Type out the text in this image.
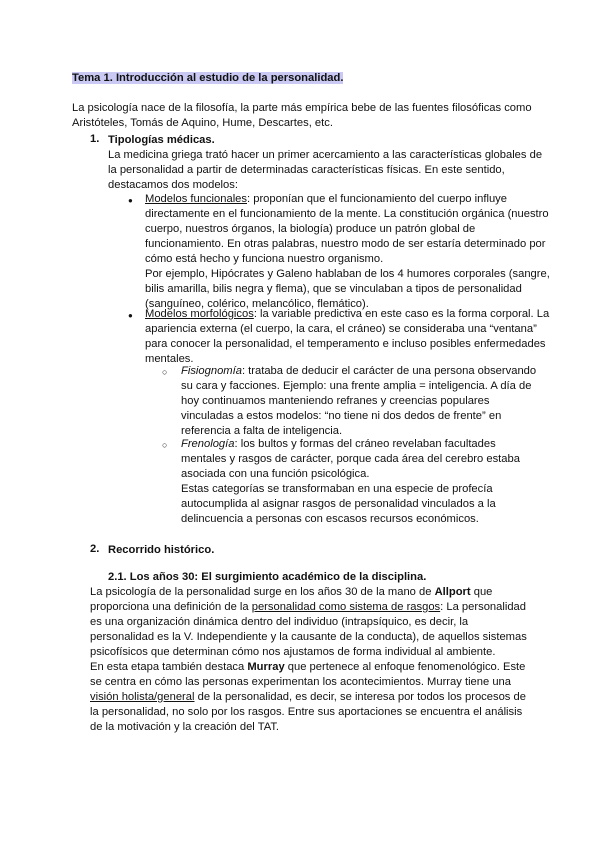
Tema 1. Introducción al estudio de la personalidad.
La psicología nace de la filosofía, la parte más empírica bebe de las fuentes filosóficas como Aristóteles, Tomás de Aquino, Hume, Descartes, etc.
1. Tipologías médicas.
La medicina griega trató hacer un primer acercamiento a las características globales de la personalidad a partir de determinadas características físicas. En este sentido, destacamos dos modelos:
● Modelos funcionales: proponían que el funcionamiento del cuerpo influye directamente en el funcionamiento de la mente. La constitución orgánica (nuestro cuerpo, nuestros órganos, la biología) produce un patrón global de funcionamiento. En otras palabras, nuestro modo de ser estaría determinado por cómo está hecho y funciona nuestro organismo.
Por ejemplo, Hipócrates y Galeno hablaban de los 4 humores corporales (sangre, bilis amarilla, bilis negra y flema), que se vinculaban a tipos de personalidad (sanguíneo, colérico, melancólico, flemático).
● Modelos morfológicos: la variable predictiva en este caso es la forma corporal. La apariencia externa (el cuerpo, la cara, el cráneo) se consideraba una “ventana” para conocer la personalidad, el temperamento e incluso posibles enfermedades mentales.
○ Fisiognomía: trataba de deducir el carácter de una persona observando su cara y facciones. Ejemplo: una frente amplia = inteligencia. A día de hoy continuamos manteniendo refranes y creencias populares vinculadas a estos modelos: “no tiene ni dos dedos de frente” en referencia a falta de inteligencia.
○ Frenología: los bultos y formas del cráneo revelaban facultades mentales y rasgos de carácter, porque cada área del cerebro estaba asociada con una función psicológica.
Estas categorías se transformaban en una especie de profecía autocumplida al asignar rasgos de personalidad vinculados a la delincuencia a personas con escasos recursos económicos.
2. Recorrido histórico.
2.1. Los años 30: El surgimiento académico de la disciplina.
La psicología de la personalidad surge en los años 30 de la mano de Allport que proporciona una definición de la personalidad como sistema de rasgos: La personalidad es una organización dinámica dentro del individuo (intrapsíquico, es decir, la personalidad es la V. Independiente y la causante de la conducta), de aquellos sistemas psicofísicos que determinan cómo nos ajustamos de forma individual al ambiente.
En esta etapa también destaca Murray que pertenece al enfoque fenomenológico. Este se centra en cómo las personas experimentan los acontecimientos. Murray tiene una visión holista/general de la personalidad, es decir, se interesa por todos los procesos de la personalidad, no solo por los rasgos. Entre sus aportaciones se encuentra el análisis de la motivación y la creación del TAT.
